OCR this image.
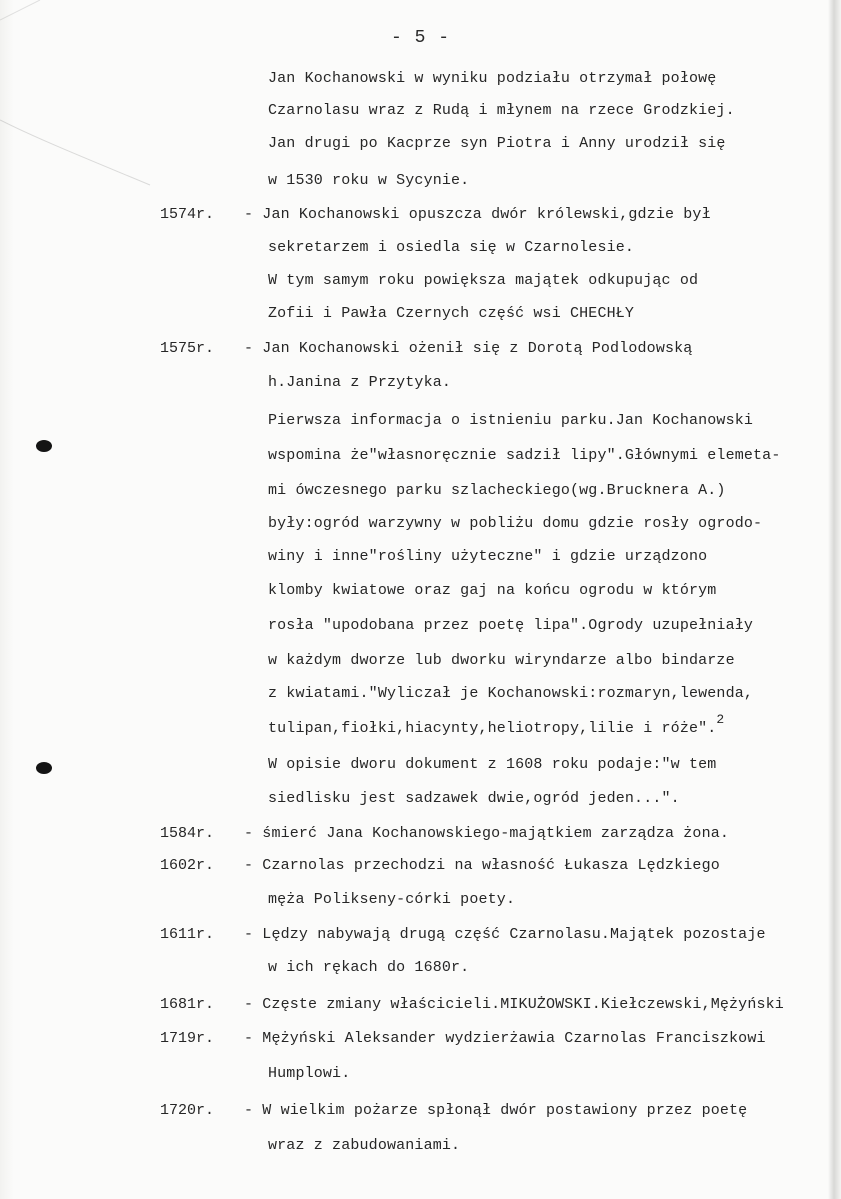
- 5 -
Jan Kochanowski w wyniku podziału otrzymał połowę
Czarnolasu wraz z Rudą i młynem na rzece Grodzkiej.
Jan drugi po Kacprze syn Piotra i Anny urodził się
w 1530 roku w Sycynie.
1574r. - Jan Kochanowski opuszcza dwór królewski,gdzie był
sekretarzem i osiedla się w Czarnolesie.
W tym samym roku powiększa majątek odkupując od
Zofii i Pawła Czernych część wsi CHECHŁY
1575r. - Jan Kochanowski ożenił się z Dorotą Podlodowską
h.Janina z Przytyka.
Pierwsza informacja o istnieniu parku.Jan Kochanowski
wspomina że"własnoręcznie sadził lipy".Głównymi elemeta-
mi ówczesnego parku szlacheckiego(wg.Brucknera A.)
były:ogród warzywny w pobliżu domu gdzie rosły ogrodo-
winy i inne"rośliny użyteczne" i gdzie urządzono
klomby kwiatowe oraz gaj na końcu ogrodu w którym
rosła "upodobana przez poetę lipa".Ogrody uzupełniały
w każdym dworze lub dworku wiryndarze albo bindarze
z kwiatami."Wyliczał je Kochanowski:rozmaryn,lewenda,
tulipan,fiołki,hiacynty,heliotropy,lilie i róże".2
W opisie dworu dokument z 1608 roku podaje:"w tem
siedlisku jest sadzawek dwie,ogród jeden...".
1584r. - śmierć Jana Kochanowskiego-majątkiem zarządza żona.
1602r. - Czarnolas przechodzi na własność Łukasza Lędzkiego
męża Polikseny-córki poety.
1611r. - Lędzy nabywają drugą część Czarnolasu.Majątek pozostaje
w ich rękach do 1680r.
1681r. - Częste zmiany właścicieli.MIKUŻOWSKI.Kiełczewski,Mężyński
1719r. - Mężyński Aleksander wydzierżawia Czarnolas Franciszkowi
Humplowi.
1720r. - W wielkim pożarze spłonął dwór postawiony przez poetę
wraz z zabudowaniami.
